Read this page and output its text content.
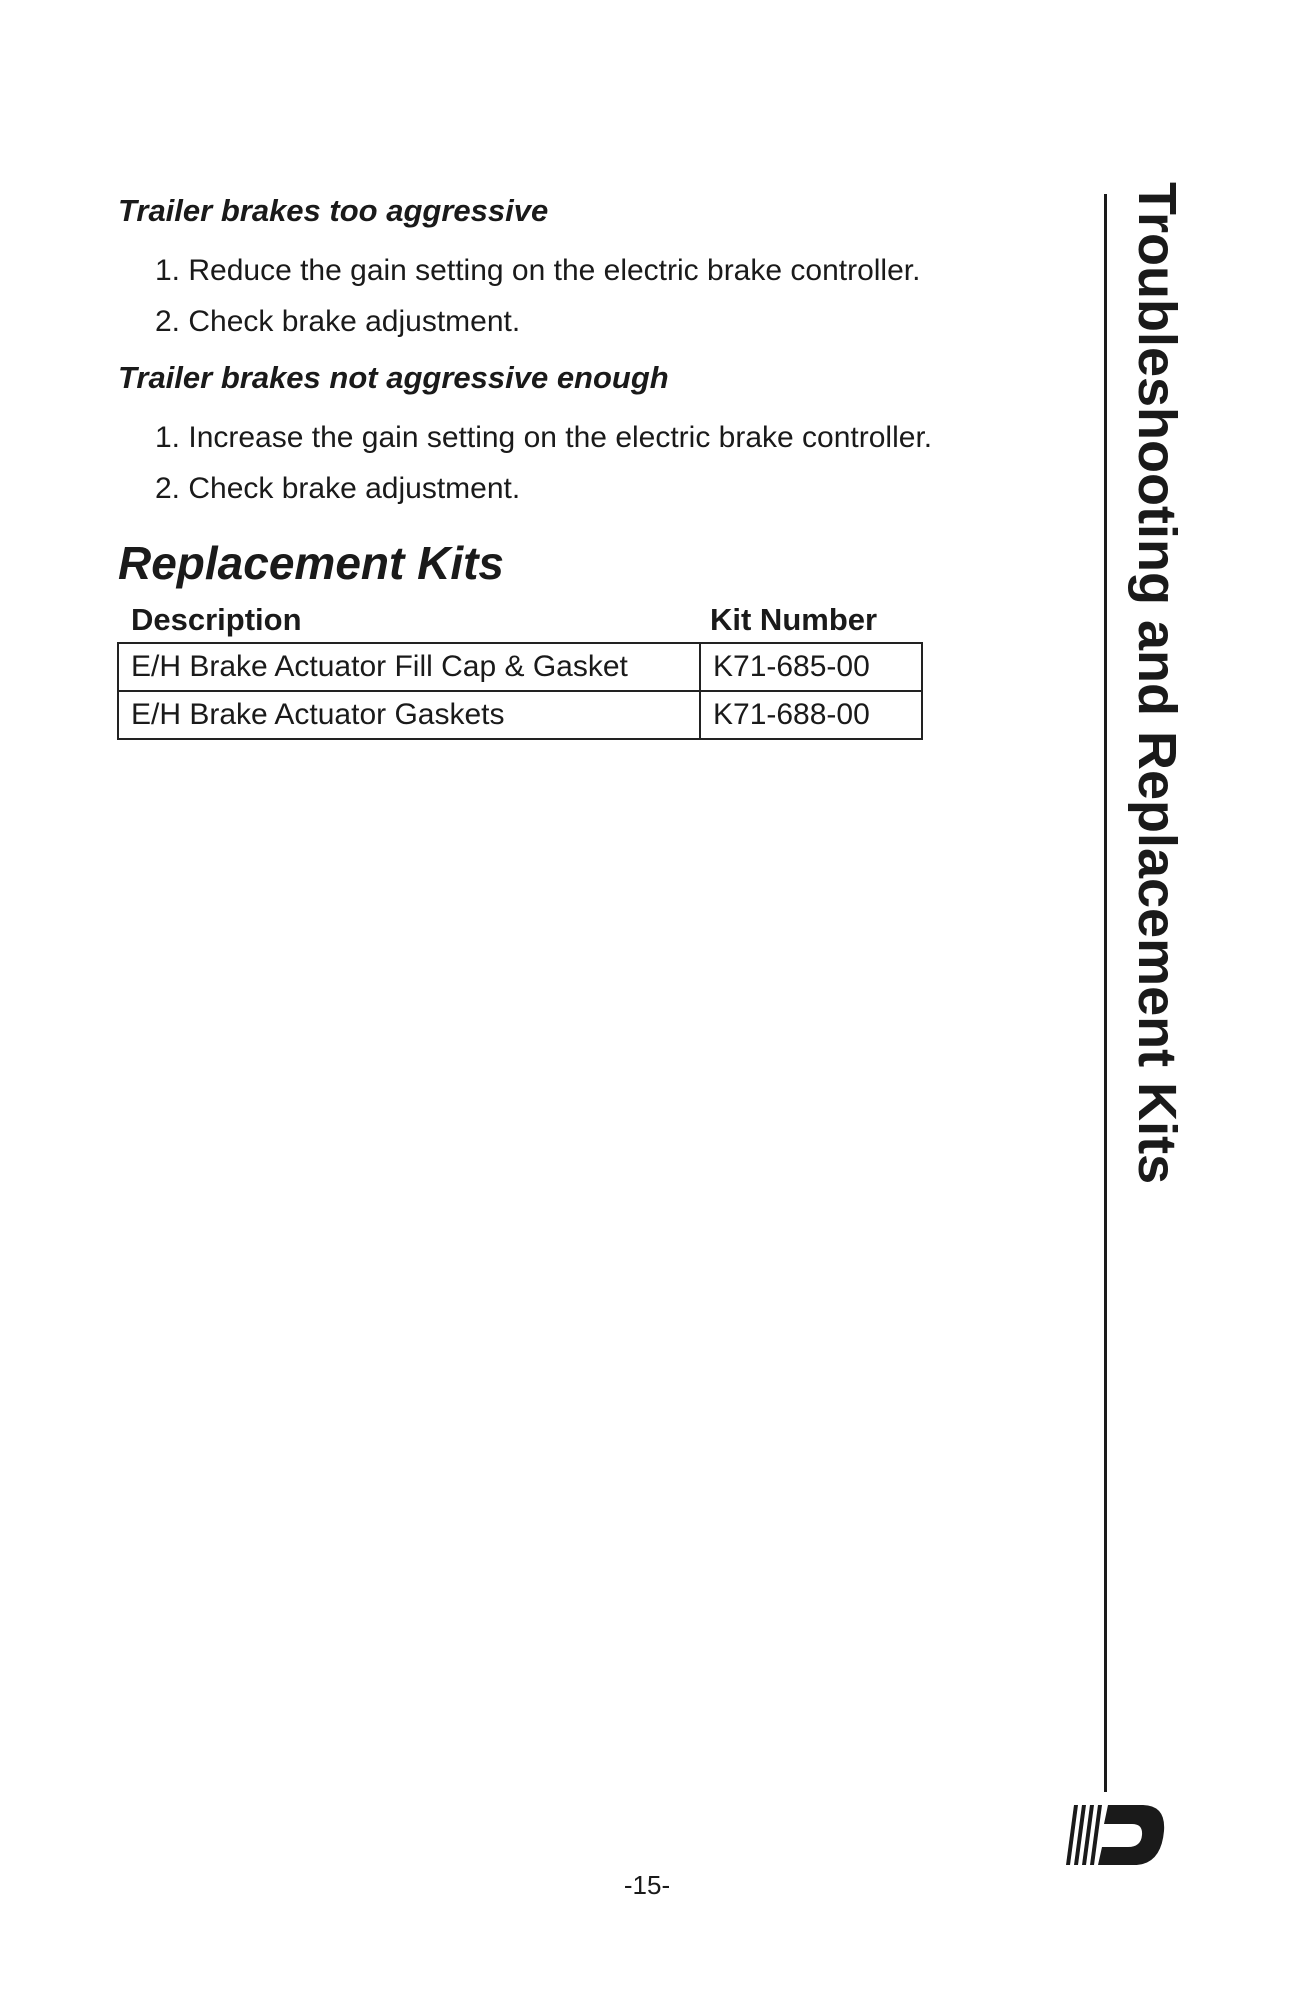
Trailer brakes too aggressive

1. Reduce the gain setting on the electric brake controller.

2. Check brake adjustment.

Trailer brakes not aggressive enough

1. Increase the gain setting on the electric brake controller.

2. Check brake adjustment.

Replacement Kits

Description	Kit Number

E/H Brake Actuator Fill Cap & Gasket	K71-685-00
E/H Brake Actuator Gaskets	K71-688-00	Troubleshooting and Replacement Kits

-15-
